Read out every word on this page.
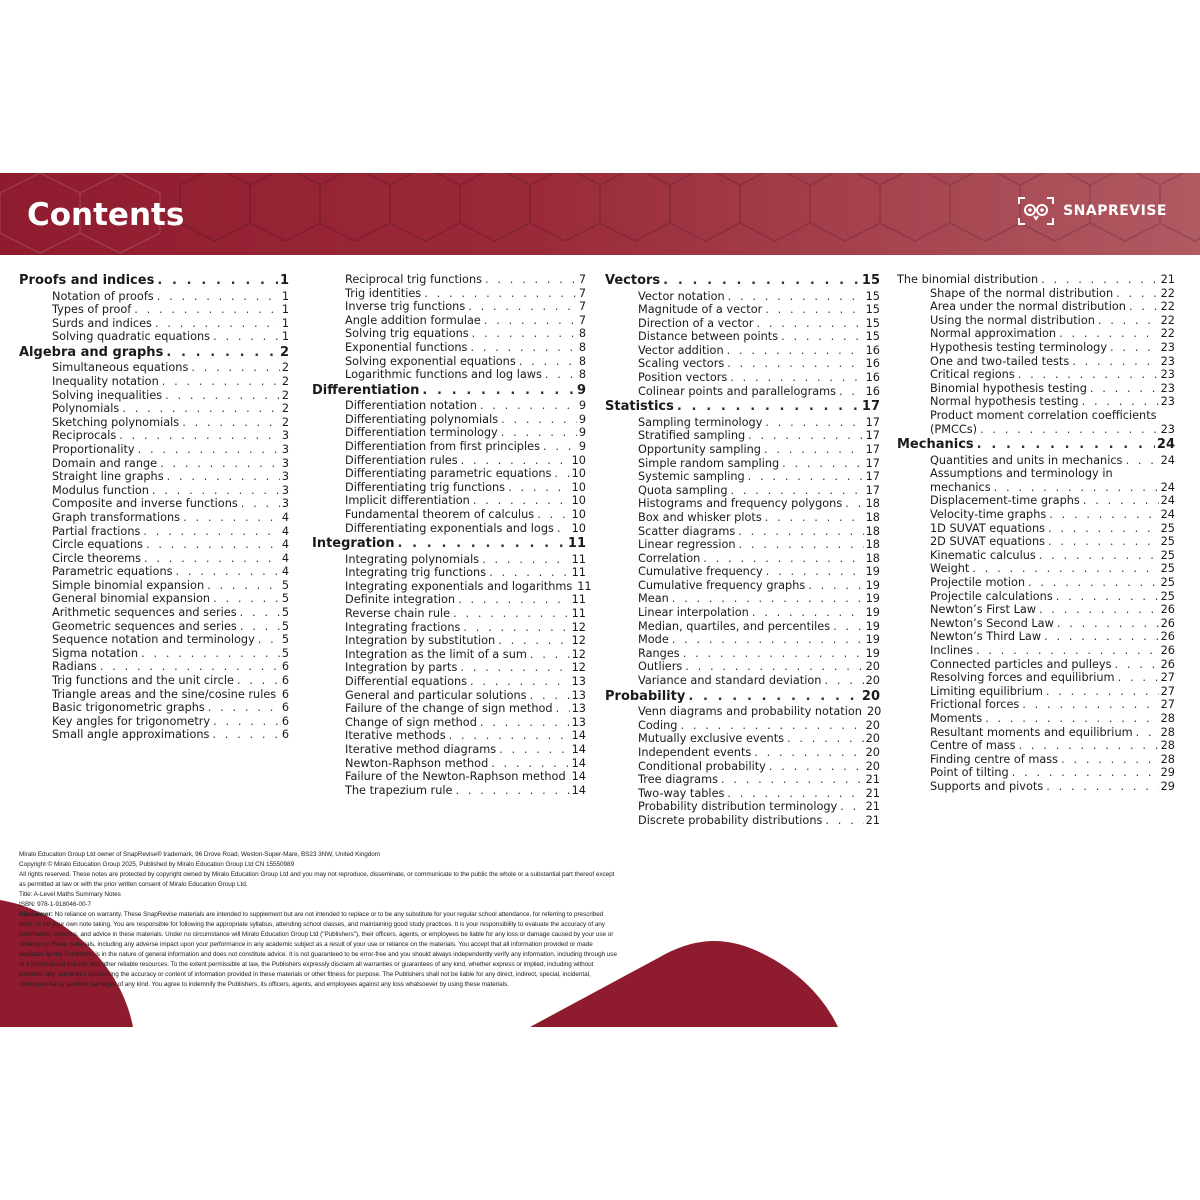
Contents	SNAPREVISE
Proofs and indices . . .	1
Notation of proofs . . .	1
Types of proof . . .	1
Surds and indices . . .	1
Solving quadratic equations . . .	1
Algebra and graphs . . .	2
Simultaneous equations . . .	2
Inequality notation . . .	2
Solving inequalities . . .	2
Polynomials . . .	2
Sketching polynomials . . .	2
Reciprocals . . .	3
Proportionality . . .	3
Domain and range . . .	3
Straight line graphs . . .	3
Modulus function . . .	3
Composite and inverse functions . . .	3
Graph transformations . . .	4
Partial fractions . . .	4
Circle equations . . .	4
Circle theorems . . .	4
Parametric equations . . .	4
Simple binomial expansion . . .	5
General binomial expansion . . .	5
Arithmetic sequences and series . . .	5
Geometric sequences and series . . .	5
Sequence notation and terminology . . . 5
Sigma notation . . .	5
Radians . . .	6
Trig functions and the unit circle . . .	6
Triangle areas and the sine/cosine rules . . . 6
Basic trigonometric graphs . . .	6
Key angles for trigonometry . . .	6
Small angle approximations . . .	6
Reciprocal trig functions . . .	7
Trig identities . . .	7
Inverse trig functions . . .	7
Angle addition formulae . . .	7
Solving trig equations . . .	8
Exponential functions . . .	8
Solving exponential equations . . .	8
Logarithmic functions and log laws . . .	8
Differentiation . . .	9
Differentiation notation . . .	9
Differentiating polynomials . . .	9
Differentiation terminology . . .	9
Differentiation from first principles . . .	9
Differentiation rules . . .	10
Differentiating parametric equations . . . 10
Differentiating trig functions . . .	10
Implicit differentiation . . .	10
Fundamental theorem of calculus . . .	10
Differentiating exponentials and logs . . . 10
Integration . . .	11
Integrating polynomials . . .	11
Integrating trig functions . . .	11
Integrating exponentials and logarithms . . . 11
Definite integration . . .	11
Reverse chain rule . . .	11
Integrating fractions . . .	12
Integration by substitution . . .	12
Integration as the limit of a sum . . .	12
Integration by parts . . .	12
Differential equations . . .	13
General and particular solutions . . .	13
Failure of the change of sign method . . . 13
Change of sign method . . .	13
Iterative methods . . .	14
Iterative method diagrams . . .	14
Newton-Raphson method . . .	14
Failure of the Newton-Raphson method . . . 14
The trapezium rule . . .	14
Vectors . . .	15
Vector notation . . .	15
Magnitude of a vector . . .	15
Direction of a vector . . .	15
Distance between points . . .	15
Vector addition . . .	16
Scaling vectors . . .	16
Position vectors . . .	16
Colinear points and parallelograms . . .	16
Statistics . . .	17
Sampling terminology . . .	17
Stratified sampling . . .	17
Opportunity sampling . . .	17
Simple random sampling . . .	17
Systemic sampling . . .	17
Quota sampling . . .	17
Histograms and frequency polygons . . . 18
Box and whisker plots . . .	18
Scatter diagrams . . .	18
Linear regression . . .	18
Correlation . . .	18
Cumulative frequency . . .	19
Cumulative frequency graphs . . .	19
Mean . . .	19
Linear interpolation . . .	19
Median, quartiles, and percentiles . . .	19
Mode . . .	19
Ranges . . .	19
Outliers . . .	20
Variance and standard deviation . . .	20
Probability . . .	20
Venn diagrams and probability notation . . . 20
Coding . . .	20
Mutually exclusive events . . .	20
Independent events . . .	20
Conditional probability . . .	20
Tree diagrams . . .	21
Two-way tables . . .	21
Probability distribution terminology . . .	21
Discrete probability distributions . . .	21
The binomial distribution . . .	21
Shape of the normal distribution . . .	22
Area under the normal distribution . . .	22
Using the normal distribution . . .	22
Normal approximation . . .	22
Hypothesis testing terminology . . .	23
One and two-tailed tests . . .	23
Critical regions . . .	23
Binomial hypothesis testing . . .	23
Normal hypothesis testing . . .	23
Product moment correlation coefficients
(PMCCs) . . .	23
Mechanics . . .	24
Quantities and units in mechanics . . .	24
Assumptions and terminology in
mechanics . . .	24
Displacement-time graphs . . .	24
Velocity-time graphs . . .	24
1D SUVAT equations . . .	25
2D SUVAT equations . . .	25
Kinematic calculus . . .	25
Weight . . .	25
Projectile motion . . .	25
Projectile calculations . . .	25
Newton’s First Law . . .	26
Newton’s Second Law . . .	26
Newton’s Third Law . . .	26
Inclines . . .	26
Connected particles and pulleys . . .	26
Resolving forces and equilibrium . . .	27
Limiting equilibrium . . .	27
Frictional forces . . .	27
Moments . . .	28
Resultant moments and equilibrium . . . 28
Centre of mass . . .	28
Finding centre of mass . . .	28
Point of tilting . . .	29
Supports and pivots . . .	29
Miralo Education Group Ltd owner of SnapRevise® trademark, 96 Drove Road, Weston-Super-Mare, BS23 3NW, United Kingdom
Copyright © Miralo Education Group 2025, Published by Miralo Education Group Ltd CN 15550989
All rights reserved. These notes are protected by copyright owned by Miralo Education Group Ltd and you may not reproduce, disseminate, or communicate to the public the whole or a substantial part thereof except as permitted at law or with the prior written consent of Miralo Education Group Ltd.
Title: A-Level Maths Summary Notes
ISBN: 978-1-918046-00-7
Disclaimer: No reliance on warranty. These SnapRevise materials are intended to supplement but are not intended to replace or to be any substitute for your regular school attendance, for referring to prescribed texts, or for your own note taking. You are responsible for following the appropriate syllabus, attending school classes, and maintaining good study practices. It is your responsibility to evaluate the accuracy of any information, opinions, and advice in these materials. Under no circumstance will Miralo Education Group Ltd ("Publishers"), their officers, agents, or employees be liable for any loss or damage caused by your use or reliance on these materials, including any adverse impact upon your performance in any academic subject as a result of your use or reliance on the materials. You accept that all information provided or made available by the Publishers is in the nature of general information and does not constitute advice. It is not guaranteed to be error-free and you should always independently verify any information, including through use of a professional teacher and other reliable resources. To the extent permissible at law, the Publishers expressly disclaim all warranties or guarantees of any kind, whether express or implied, including without limitation any warranties concerning the accuracy or content of information provided in these materials or other fitness for purpose. The Publishers shall not be liable for any direct, indirect, special, incidental, consequential or punitive damages of any kind. You agree to indemnify the Publishers, its officers, agents, and employees against any loss whatsoever by using these materials.
